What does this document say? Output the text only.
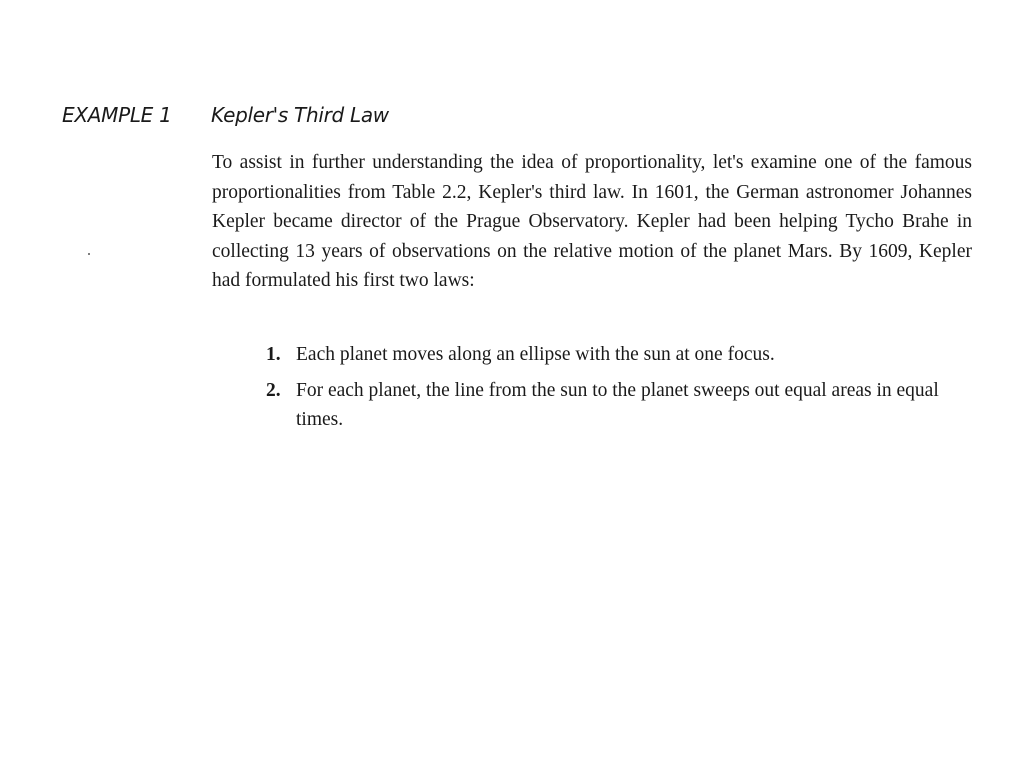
EXAMPLE 1 Kepler's Third Law

To assist in further understanding the idea of proportionality, let's examine one of the famous proportionalities from Table 2.2, Kepler's third law. In 1601, the German astronomer Johannes Kepler became director of the Prague Observatory. Kepler had been helping Tycho Brahe in collecting 13 years of observations on the relative motion of the planet Mars. By 1609, Kepler had formulated his first two laws:

1. Each planet moves along an ellipse with the sun at one focus.
2. For each planet, the line from the sun to the planet sweeps out equal areas in equal times.
